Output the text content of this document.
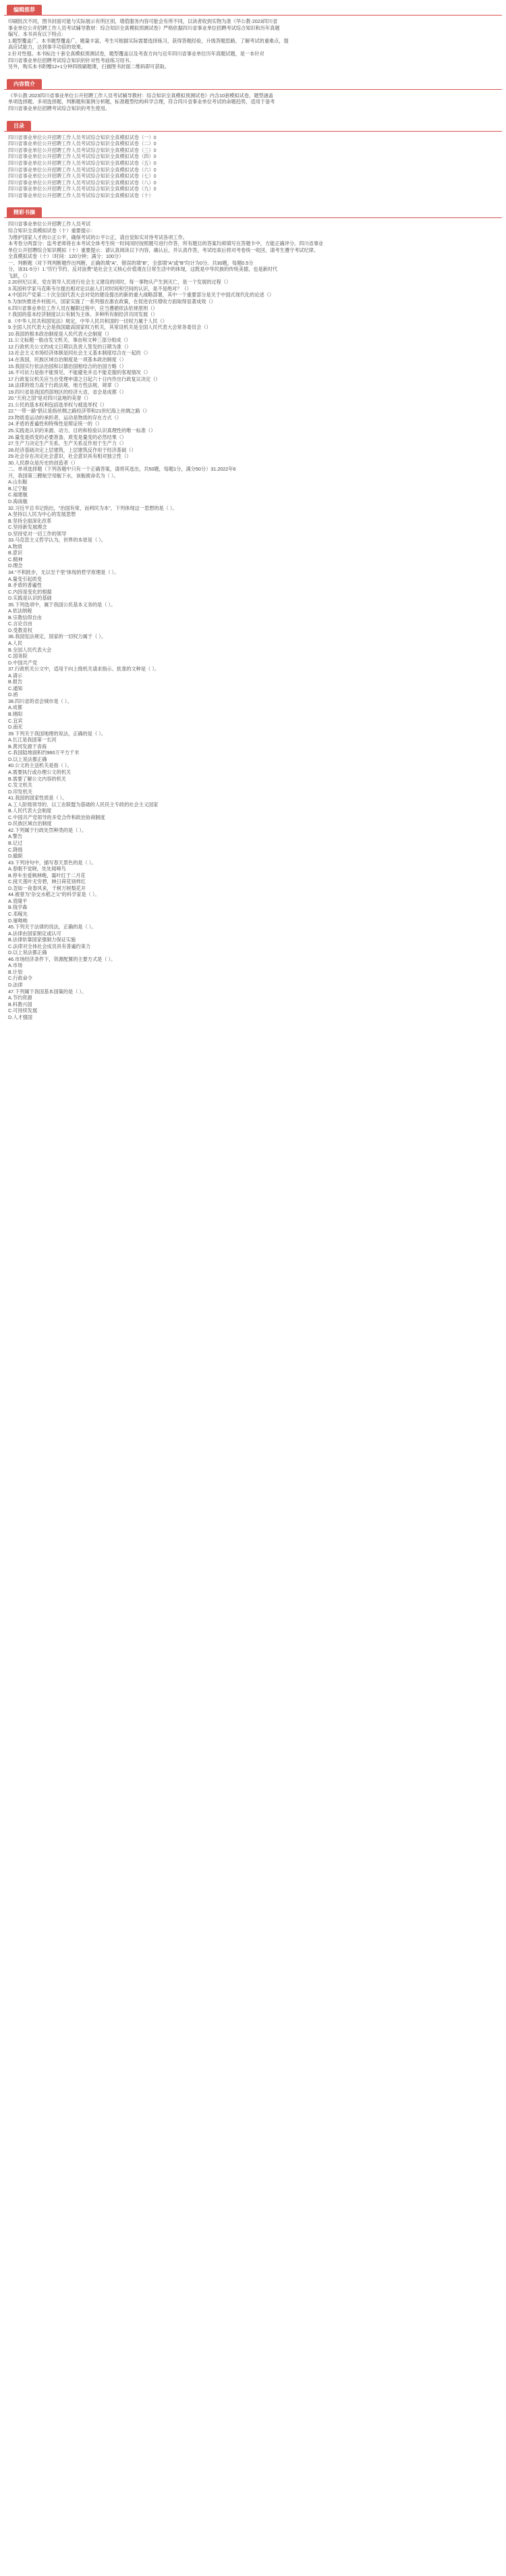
编辑推荐
印刷批次不同，图书封面可能与实际展示有所区别，增值服务内容可能会有所不同，以读者收到实物为准《华公教·2023四川省
事业单位公开招聘工作人员考试辅导教材：综合知识全真模拟预测试卷》严格依据四川省事业单位招聘考试综合知识和历年真题
编写。本书具有以下特点：
1.题型覆盖广。本书题型覆盖广，题量丰富，考生可根据实际需要选择练习，获得答题经验，升级答题思路，了解考试的重难点，提
高应试能力，达到事半功倍的效果。
2.针对性强。本书标注十套全真模拟预测试卷，题型覆盖以及考查方向与近年四川省事业单位历年真题试题，是一本针对
四川省事业单位招聘考试综合知识的针对性考前练习用书。
另外，购买本书附赠12+1分钟四级刷题课，扫描图书封面二维码即可获取。
内容简介
《华公教·2023四川省事业单位公开招聘工作人员考试辅导教材：综合知识全真模拟预测试卷》内含10套模拟试卷，题型涵盖
单项选择题、多项选择题、判断题和案例分析题，标准题型结构科学合理，符合四川省事业单位考试的命题趋势，适用于备考
四川省事业单位招聘考试综合知识的考生使用。
目录
四川省事业单位公开招聘工作人员考试综合知识全真模拟试卷（一）0
四川省事业单位公开招聘工作人员考试综合知识全真模拟试卷（二）0
四川省事业单位公开招聘工作人员考试综合知识全真模拟试卷（三）0
四川省事业单位公开招聘工作人员考试综合知识全真模拟试卷（四）0
四川省事业单位公开招聘工作人员考试综合知识全真模拟试卷（五）0
四川省事业单位公开招聘工作人员考试综合知识全真模拟试卷（六）0
四川省事业单位公开招聘工作人员考试综合知识全真模拟试卷（七）0
四川省事业单位公开招聘工作人员考试综合知识全真模拟试卷（八）0
四川省事业单位公开招聘工作人员考试综合知识全真模拟试卷（九）0
四川省事业单位公开招聘工作人员考试综合知识全真模拟试卷（十）
精彩书摘
四川省事业单位公开招聘工作人员考试
综合知识全真模拟试卷（十）重要提示：
为维护国家人才的公正公平，确保考试的公平公正，请自觉如实对待考试各项工作。
本考卷分两部分：监考老师将在本考试全体考生统一时间同时按照题号进行作答，所有题目的答案均须填写在答题卡中，方能正确评分。四川省事业
单位公开招聘综合知识模拟（十）重要提示：请认真阅读以下内容，确认后，并认真作答，考试结束后将对考卷统一收回，请考生遵守考试纪律。
全真模拟试卷（十）（时间：120分钟；满分：100分）
一、判断题（对下列判断题作出判断，正确的填"A"，错误的填"B"，全部填"A"或"B"均计为0分。共30题，每题0.5分
分，该31-5分）1."厉行节约、反对浪费"是社会主义核心价值观在日常生活中的体现，这既是中华民族的传统美德，也是新时代
飞跃。（）
2.20世纪以来，党在领导人民进行社会主义建设的同时，每一事物从产生到灭亡，是一个发展的过程（）
3.英国科学家马克斯韦尔提出相对论以前人们对时间和空间的认识，是不是绝对？（）
4.中国共产党第二十次全国代表大会对党的建设提出的新的重大战略部署，其中一个重要部分是关于中国式现代化的论述（）
5.为加快推进乡村振兴，国家实施了一系列强农惠农政策，在促进农民增收方面取得显著成效（）
6.四川省事业单位工作人员在履职过程中，应当遵循依法依规原则（）
7.我国的基本经济制度以公有制为主体、多种所有制经济共同发展（）
8.《中华人民共和国宪法》规定，中华人民共和国的一切权力属于人民（）
9.全国人民代表大会是我国最高国家权力机关，其常设机关是全国人民代表大会常务委员会（）
10.我国的根本政治制度是人民代表大会制度（）
11.公文标题一般由发文机关、事由和文种三部分组成（）
12.行政机关公文的成文日期以负责人签发的日期为准（）
13.社会主义市场经济体制是同社会主义基本制度结合在一起的（）
14.在我国，民族区域自治制度是一项基本政治制度（）
15.我国实行依法治国和以德治国相结合的治国方略（）
16.不可抗力是指不能预见、不能避免并且不能克服的客观情况（）
17.行政复议机关应当自受理申请之日起六十日内作出行政复议决定（）
18.法律的效力高于行政法规、地方性法规、规章（）
19.四川省是我国西部地区的经济大省，省会是成都（）
20."天府之国"是对四川盆地的美誉（）
21.公民的基本权利包括选举权与被选举权（）
22."一带一路"倡议是指丝绸之路经济带和21世纪海上丝绸之路（）
23.物质是运动的承担者，运动是物质的存在方式（）
24.矛盾的普遍性和特殊性是辩证统一的（）
25.实践是认识的来源、动力、目的和检验认识真理性的唯一标准（）
26.量变是质变的必要准备，质变是量变的必然结果（）
27.生产力决定生产关系，生产关系反作用于生产力（）
28.经济基础决定上层建筑，上层建筑反作用于经济基础（）
29.社会存在决定社会意识，社会意识具有相对独立性（）
30.人民群众是历史的创造者（）
二、单项选择题（下列各题中只有一个正确答案，请将其选出，共50题，每题1分，满分50分）31.2022年6
月，我国第三艘航空母舰下水，该舰被命名为（ ）。
A.山东舰
B.辽宁舰
C.福建舰
D.海南舰
32.习近平总书记指出，"治国有常，而利民为本"，下列体现这一思想的是（ ）。
A.坚持以人民为中心的发展思想
B.坚持全面深化改革
C.坚持新发展理念
D.坚持党对一切工作的领导
33.马克思主义哲学认为，世界的本原是（ ）。
A.物质
B.意识
C.精神
D.理念
34."不积跬步，无以至千里"体现的哲学原理是（ ）。
A.量变引起质变
B.矛盾的普遍性
C.内因是变化的根据
D.实践是认识的基础
35.下列选项中，属于我国公民基本义务的是（ ）。
A.依法纳税
B.宗教信仰自由
C.言论自由
D.受教育权
36.我国宪法规定，国家的一切权力属于（ ）。
A.人民
B.全国人民代表大会
C.国务院
D.中国共产党
37.行政机关公文中，适用于向上级机关请求指示、批准的文种是（ ）。
A.请示
B.报告
C.通知
D.函
38.四川省的省会城市是（ ）。
A.成都
B.绵阳
C.宜宾
D.南充
39.下列关于我国地理的说法，正确的是（ ）。
A.长江是我国第一长河
B.黄河发源于青海
C.我国陆地面积约960万平方千米
D.以上说法都正确
40.公文的主送机关是指（ ）。
A.需要执行或办理公文的机关
B.需要了解公文内容的机关
C.发文机关
D.印发机关
41.我国的国家性质是（ ）。
A.工人阶级领导的、以工农联盟为基础的人民民主专政的社会主义国家
B.人民代表大会制度
C.中国共产党领导的多党合作和政治协商制度
D.民族区域自治制度
42.下列属于行政处罚种类的是（ ）。
A.警告
B.记过
C.降级
D.撤职
43.下列诗句中，描写春天景色的是（ ）。
A.春眠不觉晓，处处闻啼鸟
B.停车坐爱枫林晚，霜叶红于二月花
C.接天莲叶无穷碧，映日荷花别样红
D.忽如一夜春风来，千树万树梨花开
44.被誉为"杂交水稻之父"的科学家是（ ）。
A.袁隆平
B.钱学森
C.邓稼先
D.屠呦呦
45.下列关于法律的说法，正确的是（ ）。
A.法律由国家制定或认可
B.法律依靠国家强制力保证实施
C.法律对全体社会成员具有普遍约束力
D.以上说法都正确
46.市场经济条件下，资源配置的主要方式是（ ）。
A.市场
B.计划
C.行政命令
D.法律
47.下列属于我国基本国策的是（ ）。
A.节约资源
B.科教兴国
C.可持续发展
D.人才强国
